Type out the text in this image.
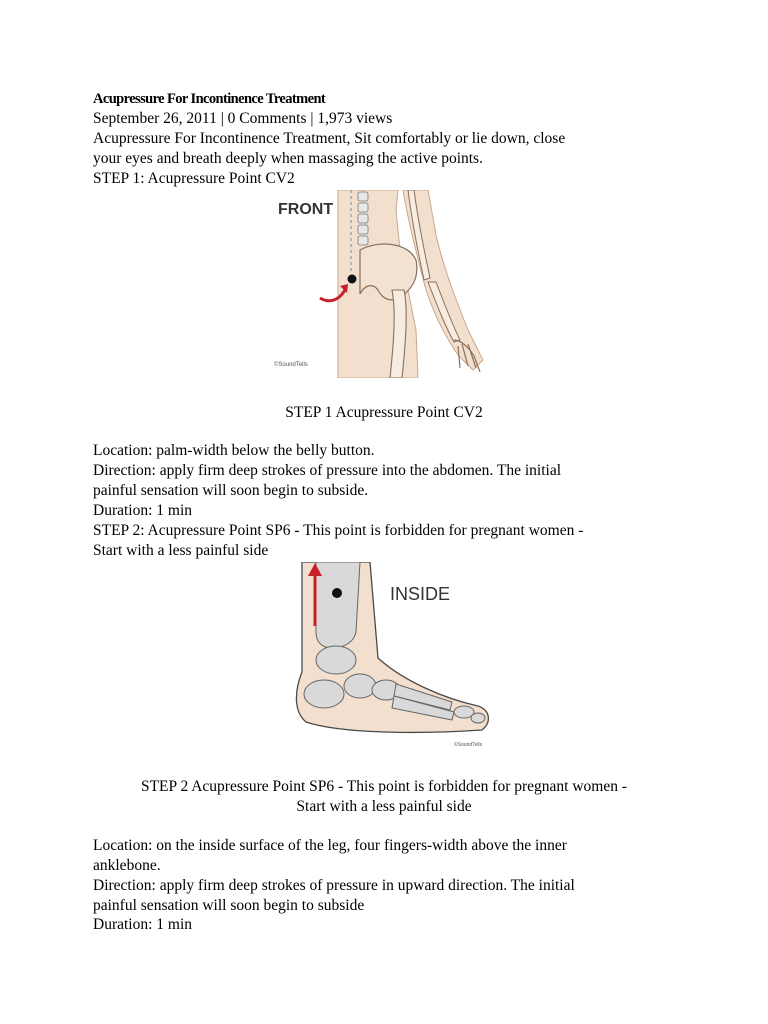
Acupressure For Incontinence Treatment
September 26, 2011 | 0 Comments | 1,973 views
Acupressure For Incontinence Treatment, Sit comfortably or lie down, close
your eyes and breath deeply when massaging the active points.
STEP 1: Acupressure Point CV2
FRONT
©SoundTells
STEP 1 Acupressure Point CV2
Location: palm-width below the belly button.
Direction: apply firm deep strokes of pressure into the abdomen. The initial
painful sensation will soon begin to subside.
Duration: 1 min
STEP 2: Acupressure Point SP6 - This point is forbidden for pregnant women -
Start with a less painful side
INSIDE
©SoundTells
STEP 2 Acupressure Point SP6 - This point is forbidden for pregnant women -
Start with a less painful side
Location: on the inside surface of the leg, four fingers-width above the inner
anklebone.
Direction: apply firm deep strokes of pressure in upward direction. The initial
painful sensation will soon begin to subside
Duration: 1 min
